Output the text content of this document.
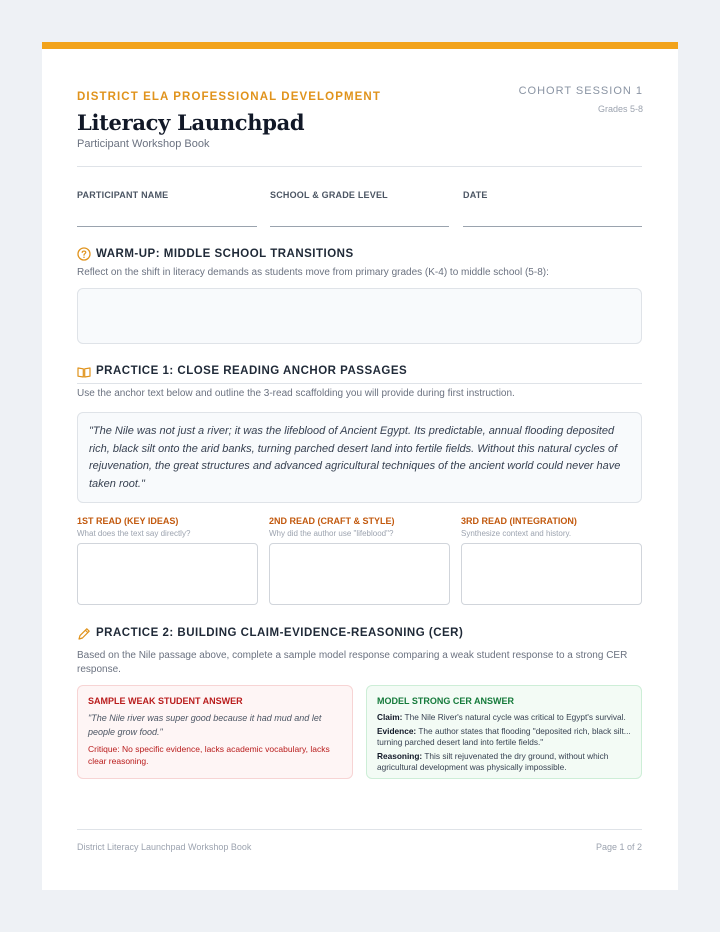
DISTRICT ELA PROFESSIONAL DEVELOPMENT
Literacy Launchpad
Participant Workshop Book
COHORT SESSION 1
Grades 5-8
PARTICIPANT NAME	SCHOOL & GRADE LEVEL	DATE
WARM-UP: MIDDLE SCHOOL TRANSITIONS
Reflect on the shift in literacy demands as students move from primary grades (K-4) to middle school (5-8):
PRACTICE 1: CLOSE READING ANCHOR PASSAGES
Use the anchor text below and outline the 3-read scaffolding you will provide during first instruction.
"The Nile was not just a river; it was the lifeblood of Ancient Egypt. Its predictable, annual flooding deposited rich, black silt onto the arid banks, turning parched desert land into fertile fields. Without this natural cycles of rejuvenation, the great structures and advanced agricultural techniques of the ancient world could never have taken root."
1ST READ (KEY IDEAS)
What does the text say directly?
2ND READ (CRAFT & STYLE)
Why did the author use "lifeblood"?
3RD READ (INTEGRATION)
Synthesize context and history.
PRACTICE 2: BUILDING CLAIM-EVIDENCE-REASONING (CER)
Based on the Nile passage above, complete a sample model response comparing a weak student response to a strong CER response.
SAMPLE WEAK STUDENT ANSWER
"The Nile river was super good because it had mud and let people grow food."
Critique: No specific evidence, lacks academic vocabulary, lacks clear reasoning.
MODEL STRONG CER ANSWER
Claim: The Nile River's natural cycle was critical to Egypt's survival.
Evidence: The author states that flooding "deposited rich, black silt... turning parched desert land into fertile fields."
Reasoning: This silt rejuvenated the dry ground, without which agricultural development was physically impossible.
District Literacy Launchpad Workshop Book	Page 1 of 2
